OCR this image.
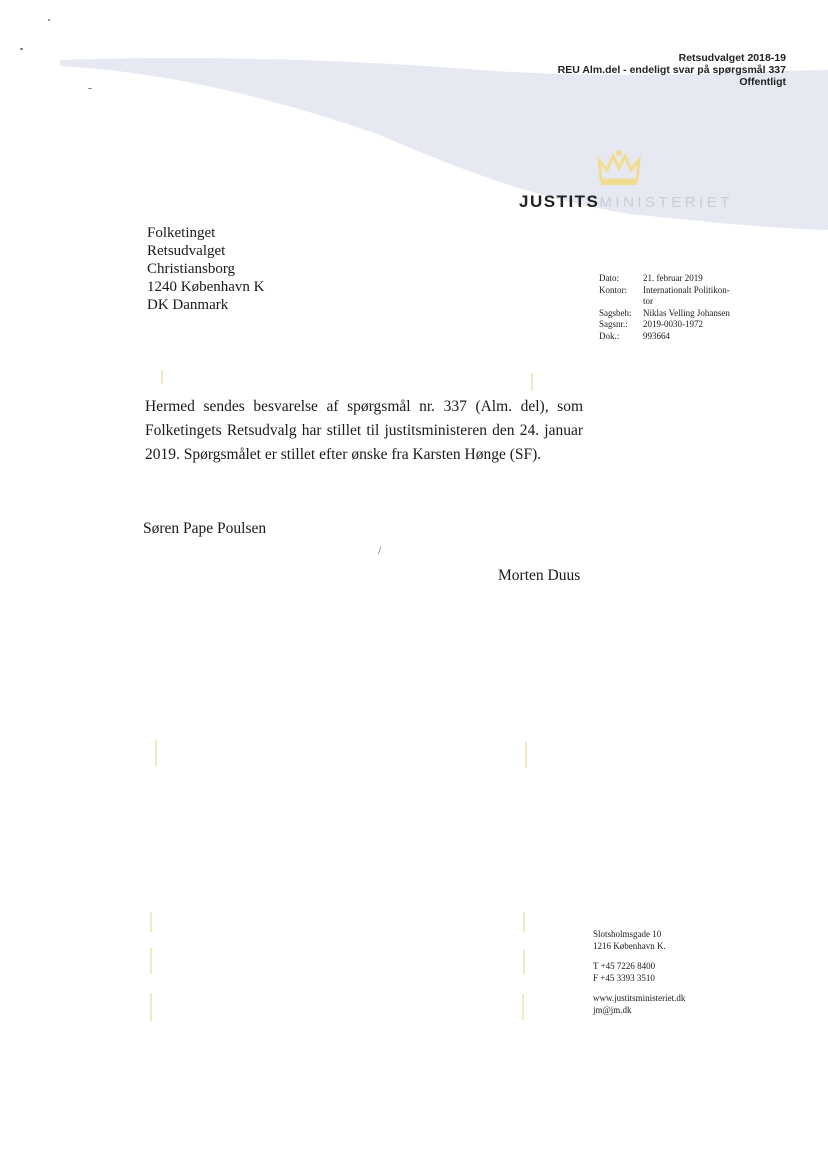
Retsudvalget 2018-19
REU Alm.del - endeligt svar på spørgsmål 337
Offentligt
JUSTITSMINISTERIET
Folketinget
Retsudvalget
Christiansborg
1240 København K
DK Danmark
Dato:	21. februar 2019
Kontor:	Internationalt Politikon-
tor
Sagsbeh:	Niklas Velling Johansen
Sagsnr.:	2019-0030-1972
Dok.:	993664

Hermed sendes besvarelse af spørgsmål nr. 337 (Alm. del), som Folketingets Retsudvalg har stillet til justitsministeren den 24. januar 2019. Spørgsmålet er stillet efter ønske fra Karsten Hønge (SF).

Søren Pape Poulsen
/
Morten Duus
Slotsholmsgade 10
1216 København K.
T +45 7226 8400
F +45 3393 3510
www.justitsministeriet.dk
jm@jm.dk
